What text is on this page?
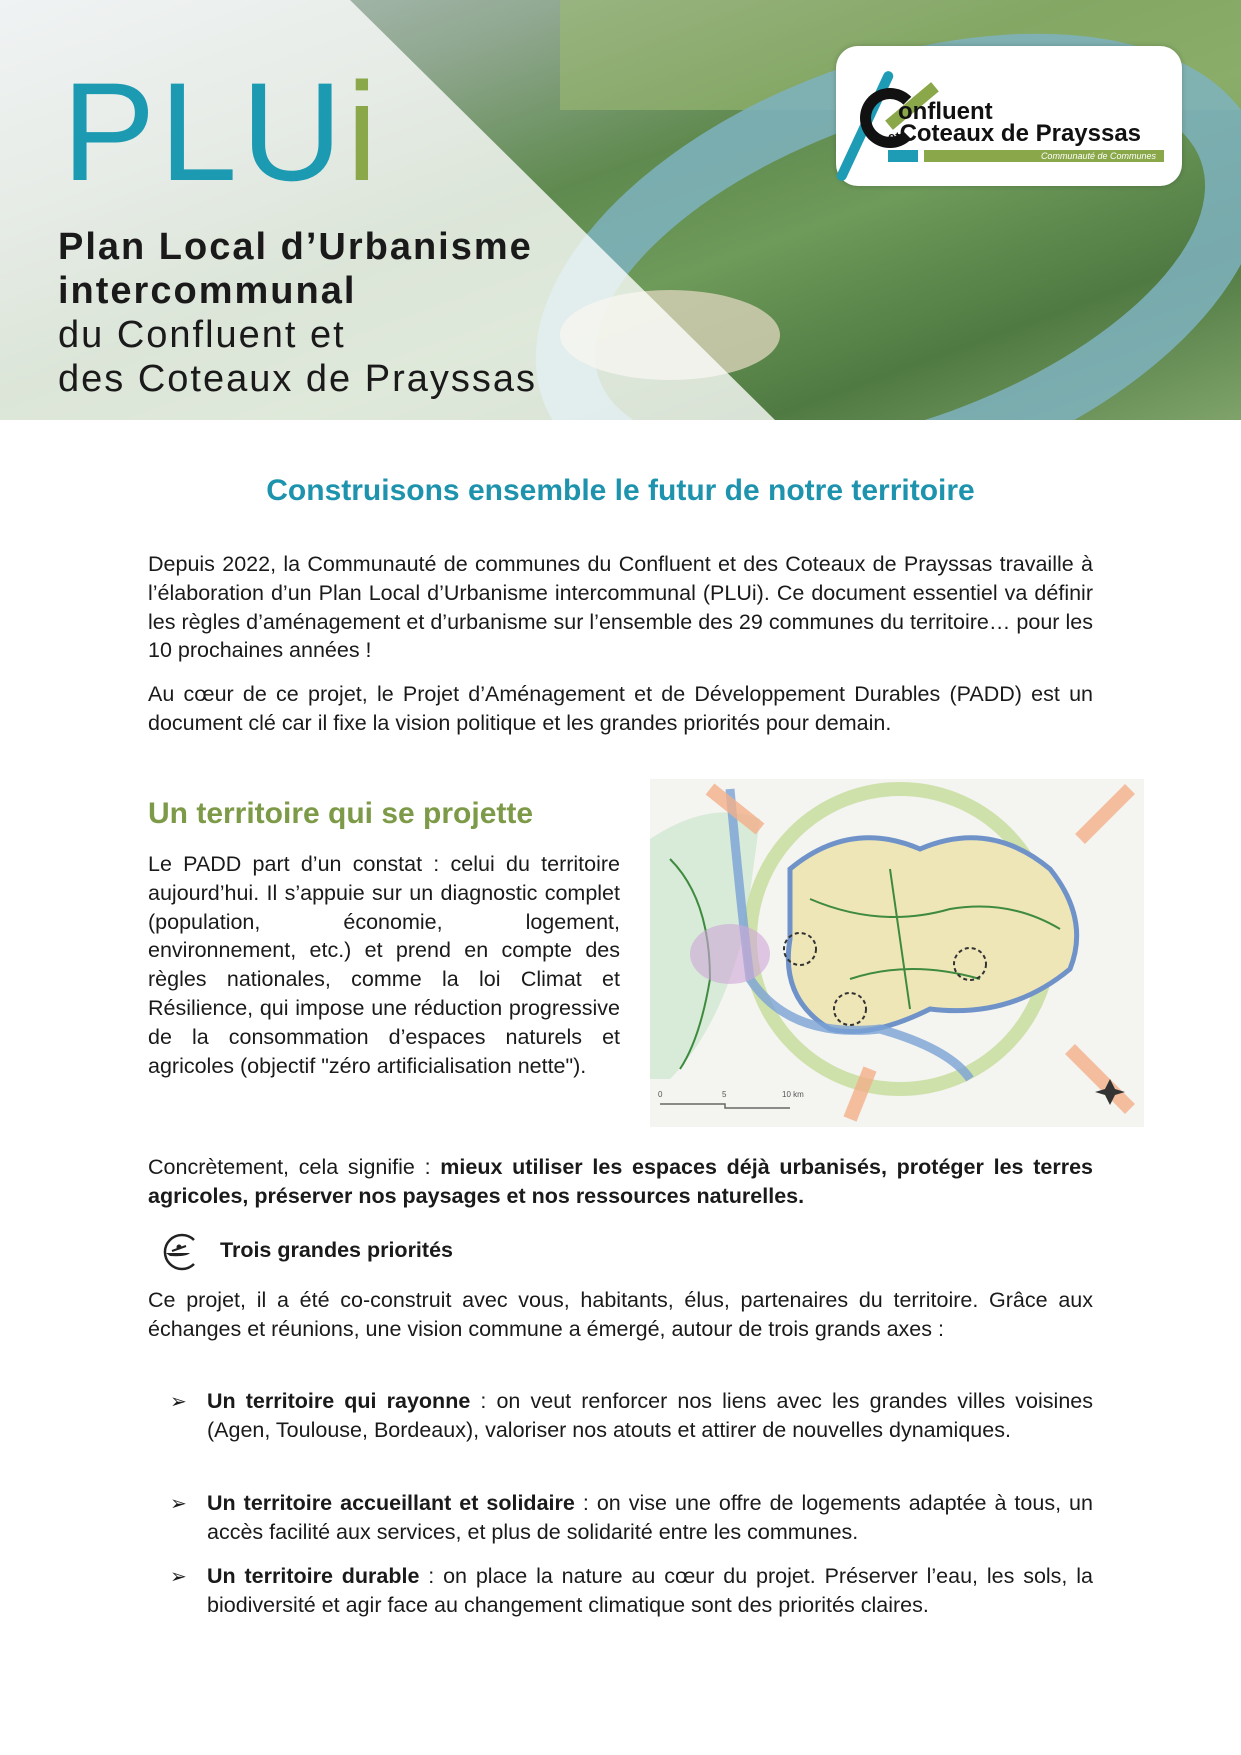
PLUi
Plan Local d’Urbanisme
intercommunal
du Confluent et
des Coteaux de Prayssas
onfluent
etCoteaux de Prayssas
Communauté de Communes
Construisons ensemble le futur de notre territoire

Depuis 2022, la Communauté de communes du Confluent et des Coteaux de Prayssas travaille à l’élaboration d’un Plan Local d’Urbanisme intercommunal (PLUi). Ce document essentiel va définir les règles d’aménagement et d’urbanisme sur l’ensemble des 29 communes du territoire… pour les 10 prochaines années !

Au cœur de ce projet, le Projet d’Aménagement et de Développement Durables (PADD) est un document clé car il fixe la vision politique et les grandes priorités pour demain.

Un territoire qui se projette

Le PADD part d’un constat : celui du territoire aujourd’hui. Il s’appuie sur un diagnostic complet (population, économie, logement, environnement, etc.) et prend en compte des règles nationales, comme la loi Climat et Résilience, qui impose une réduction progressive de la consommation d’espaces naturels et agricoles (objectif "zéro artificialisation nette").

0	5	10 km

Concrètement, cela signifie : mieux utiliser les espaces déjà urbanisés, protéger les terres agricoles, préserver nos paysages et nos ressources naturelles.

Trois grandes priorités

Ce projet, il a été co-construit avec vous, habitants, élus, partenaires du territoire. Grâce aux échanges et réunions, une vision commune a émergé, autour de trois grands axes :

➢ Un territoire qui rayonne : on veut renforcer nos liens avec les grandes villes voisines (Agen, Toulouse, Bordeaux), valoriser nos atouts et attirer de nouvelles dynamiques.

➢ Un territoire accueillant et solidaire : on vise une offre de logements adaptée à tous, un accès facilité aux services, et plus de solidarité entre les communes.

➢ Un territoire durable : on place la nature au cœur du projet. Préserver l’eau, les sols, la biodiversité et agir face au changement climatique sont des priorités claires.
